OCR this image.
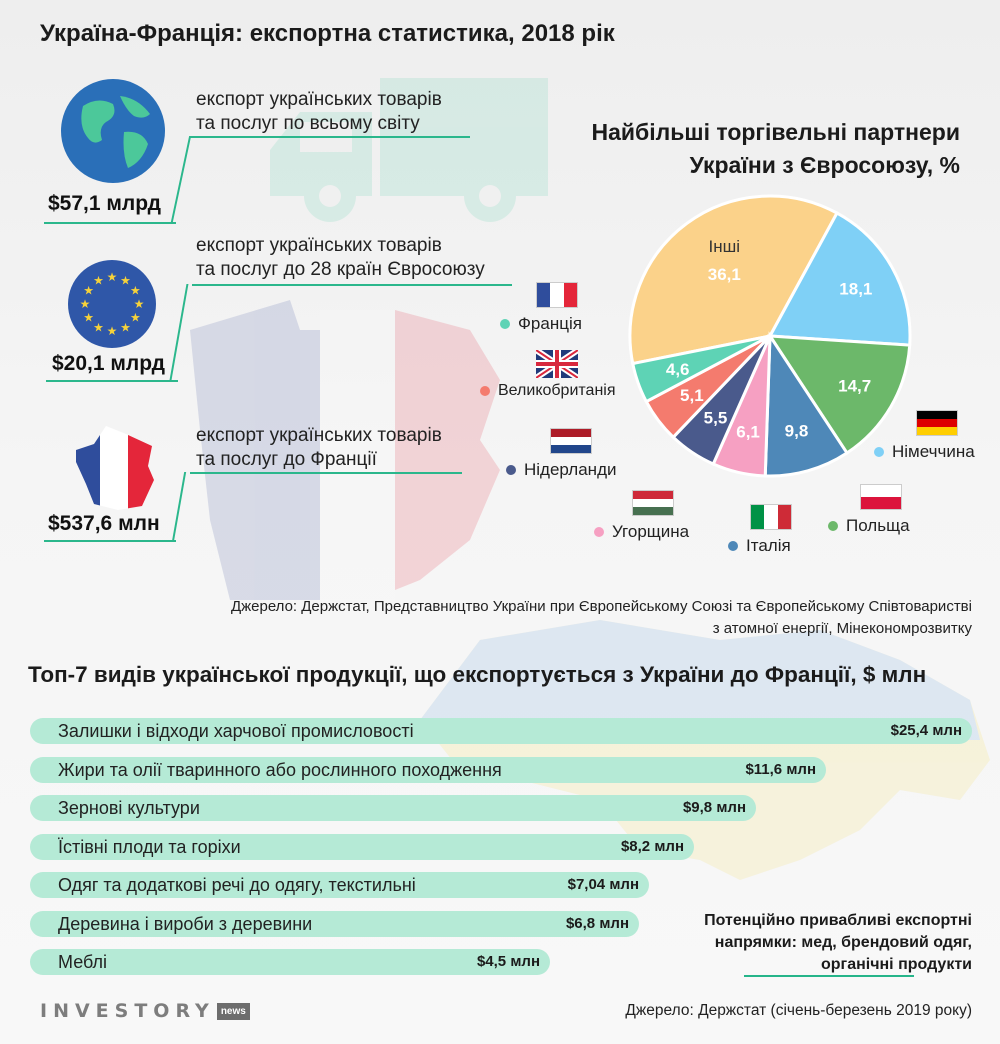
Україна-Франція: експортна статистика, 2018 рік
експорт українських товарів
та послуг по всьому світу
$57,1 млрд
★
★
★
★
★
★
★
★
★ ★ ★
★
експорт українських товарів
та послуг до 28 країн Євросоюзу
$20,1 млрд
експорт українських товарів
та послуг до Франції
$537,6 млн
Найбільші торгівельні партнери
України з Євросоюзу, %
36,1
Інші
18,1
14,7
9,8
6,1
5,5
5,1
4,6
Франція
Великобританія
Нідерланди
Угорщина
Італія
Польща
Німеччина
Джерело: Держстат, Представництво України при Європейському Союзі та Європейському Співтоваристві
з атомної енергії, Мінекономрозвитку
Топ-7 видів української продукції, що експортується з України до Франції, $ млн
Залишки і відходи харчової промисловості	$25,4 млн
Жири та олії тваринного або рослинного походження	$11,6 млн
Зернові культури	$9,8 млн
Їстівні плоди та горіхи	$8,2 млн
Одяг та додаткові речі до одягу, текстильні	$7,04 млн
Деревина і вироби з деревини	$6,8 млн
Меблі	$4,5 млн
Потенційно привабливі експортні
напрямки: мед, брендовий одяг,
органічні продукти
INVESTORY news	Джерело: Держстат (січень-березень 2019 року)
